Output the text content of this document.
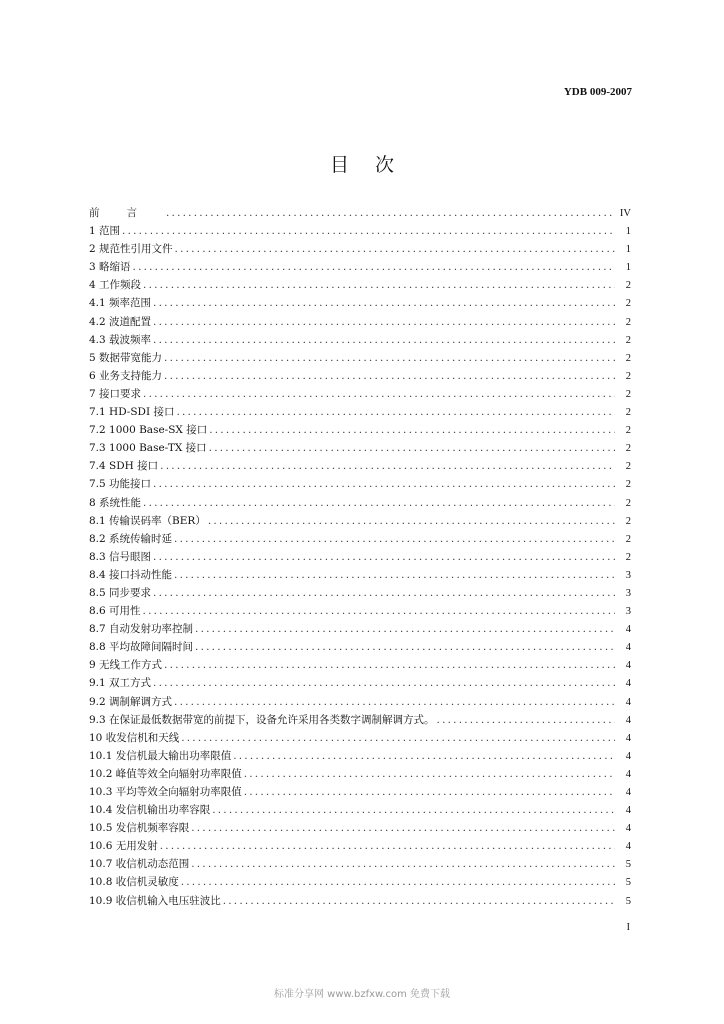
YDB 009-2007
目次
前言 .....	IV
1 范围 .....	1
2 规范性引用文件 .....	1
3 略缩语 .....	1
4 工作频段 .....	2
4.1 频率范围 .....	2
4.2 波道配置 .....	2
4.3 载波频率 .....	2
5 数据带宽能力 .....	2
6 业务支持能力 .....	2
7 接口要求 .....	2
7.1 HD-SDI 接口 .....	2
7.2 1000 Base-SX 接口 .....	2
7.3 1000 Base-TX 接口 .....	2
7.4 SDH 接口 .....	2
7.5 功能接口 .....	2
8 系统性能 .....	2
8.1 传输误码率（BER） .....	2
8.2 系统传输时延 .....	2
8.3 信号眼图 .....	2
8.4 接口抖动性能 .....	3
8.5 同步要求 .....	3
8.6 可用性 .....	3
8.7 自动发射功率控制 .....	4
8.8 平均故障间隔时间 .....	4
9 无线工作方式 .....	4
9.1 双工方式 .....	4
9.2 调制解调方式 .....	4
9.3 在保证最低数据带宽的前提下，设备允许采用各类数字调制解调方式。 .....	4
10 收发信机和天线 .....	4
10.1 发信机最大输出功率限值 .....	4
10.2 峰值等效全向辐射功率限值 .....	4
10.3 平均等效全向辐射功率限值 .....	4
10.4 发信机输出功率容限 .....	4
10.5 发信机频率容限 .....	4
10.6 无用发射 .....	4
10.7 收信机动态范围 .....	5
10.8 收信机灵敏度 .....	5
10.9 收信机输入电压驻波比 .....	5
I
标准分享网 www.bzfxw.com 免费下载
